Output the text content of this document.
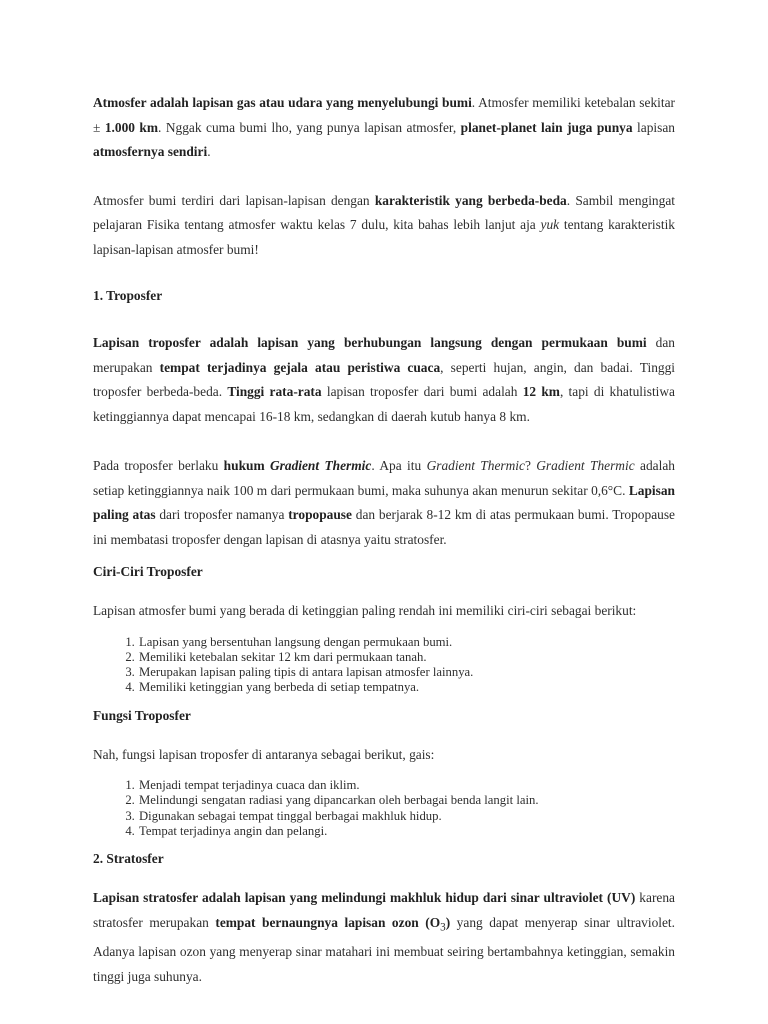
Atmosfer adalah lapisan gas atau udara yang menyelubungi bumi. Atmosfer memiliki ketebalan sekitar ± 1.000 km. Nggak cuma bumi lho, yang punya lapisan atmosfer, planet-planet lain juga punya lapisan atmosfernya sendiri.

Atmosfer bumi terdiri dari lapisan-lapisan dengan karakteristik yang berbeda-beda. Sambil mengingat pelajaran Fisika tentang atmosfer waktu kelas 7 dulu, kita bahas lebih lanjut aja yuk tentang karakteristik lapisan-lapisan atmosfer bumi!

1. Troposfer

Lapisan troposfer adalah lapisan yang berhubungan langsung dengan permukaan bumi dan merupakan tempat terjadinya gejala atau peristiwa cuaca, seperti hujan, angin, dan badai. Tinggi troposfer berbeda-beda. Tinggi rata-rata lapisan troposfer dari bumi adalah 12 km, tapi di khatulistiwa ketinggiannya dapat mencapai 16-18 km, sedangkan di daerah kutub hanya 8 km.

Pada troposfer berlaku hukum Gradient Thermic. Apa itu Gradient Thermic? Gradient Thermic adalah setiap ketinggiannya naik 100 m dari permukaan bumi, maka suhunya akan menurun sekitar 0,6°C. Lapisan paling atas dari troposfer namanya tropopause dan berjarak 8-12 km di atas permukaan bumi. Tropopause ini membatasi troposfer dengan lapisan di atasnya yaitu stratosfer.

Ciri-Ciri Troposfer

Lapisan atmosfer bumi yang berada di ketinggian paling rendah ini memiliki ciri-ciri sebagai berikut:

1. Lapisan yang bersentuhan langsung dengan permukaan bumi.
2. Memiliki ketebalan sekitar 12 km dari permukaan tanah.
3. Merupakan lapisan paling tipis di antara lapisan atmosfer lainnya.
4. Memiliki ketinggian yang berbeda di setiap tempatnya.
Fungsi Troposfer

Nah, fungsi lapisan troposfer di antaranya sebagai berikut, gais:

1. Menjadi tempat terjadinya cuaca dan iklim.
2. Melindungi sengatan radiasi yang dipancarkan oleh berbagai benda langit lain.
3. Digunakan sebagai tempat tinggal berbagai makhluk hidup.
4. Tempat terjadinya angin dan pelangi.
2. Stratosfer

Lapisan stratosfer adalah lapisan yang melindungi makhluk hidup dari sinar ultraviolet (UV) karena stratosfer merupakan tempat bernaungnya lapisan ozon $(O_3)$ yang dapat menyerap sinar ultraviolet. Adanya lapisan ozon yang menyerap sinar matahari ini membuat seiring bertambahnya ketinggian, semakin tinggi juga suhunya.
